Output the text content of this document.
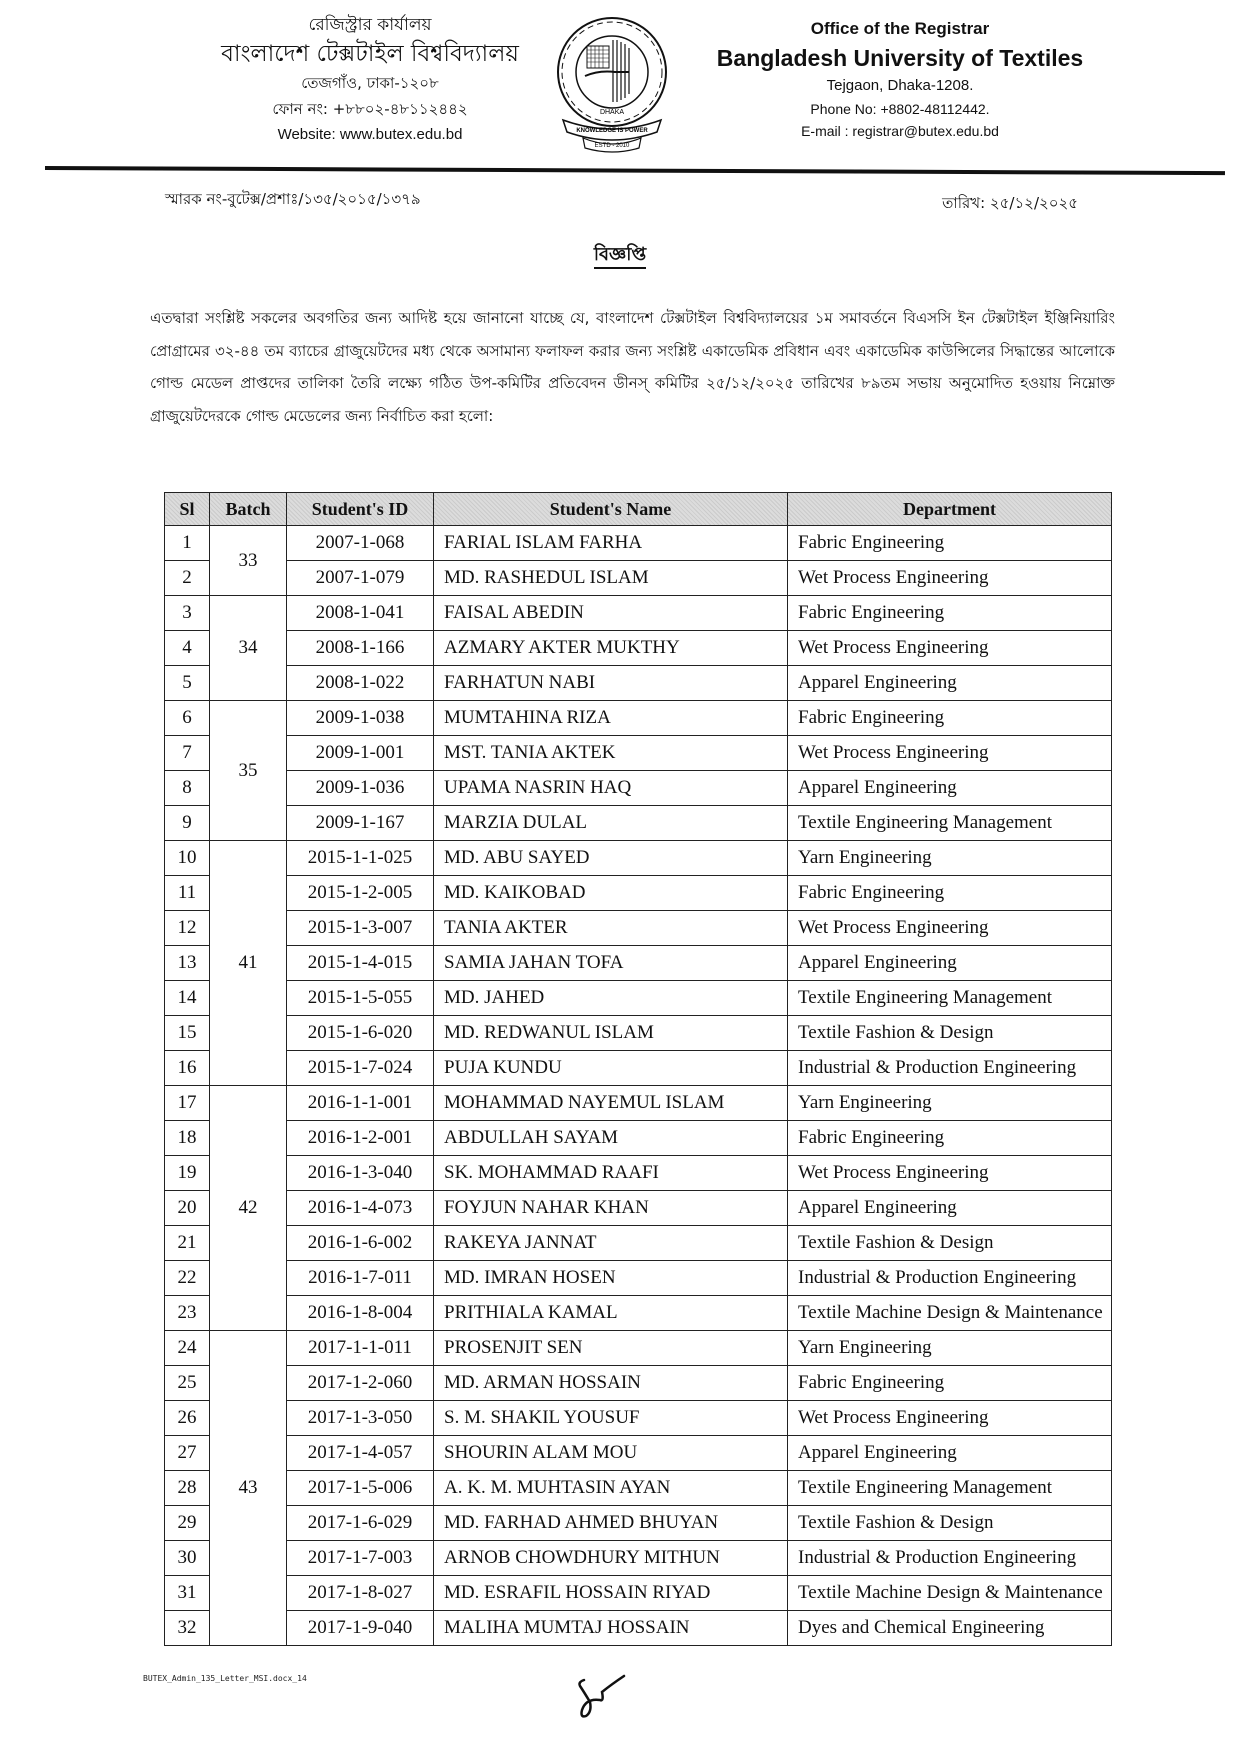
রেজিস্ট্রার কার্যালয়
বাংলাদেশ টেক্সটাইল বিশ্ববিদ্যালয়
তেজগাঁও, ঢাকা-১২০৮
ফোন নং: +৮৮০২-৪৮১১২৪৪২
Website: www.butex.edu.bd
DHAKA
KNOWLEDGE IS POWER
ESTD - 2010
Office of the Registrar
Bangladesh University of Textiles
Tejgaon, Dhaka-1208.
Phone No: +8802-48112442.
E-mail : registrar@butex.edu.bd
স্মারক নং-বুটেক্স/প্রশাঃ/১৩৫/২০১৫/১৩৭৯	তারিখ: ২৫/১২/২০২৫
বিজ্ঞপ্তি
এতদ্বারা সংশ্লিষ্ট সকলের অবগতির জন্য আদিষ্ট হয়ে জানানো যাচ্ছে যে, বাংলাদেশ টেক্সটাইল বিশ্ববিদ্যালয়ের ১ম সমাবর্তনে বিএসসি ইন টেক্সটাইল ইঞ্জিনিয়ারিং প্রোগ্রামের ৩২-৪৪ তম ব্যাচের গ্রাজুয়েটদের মধ্য থেকে অসামান্য ফলাফল করার জন্য সংশ্লিষ্ট একাডেমিক প্রবিধান এবং একাডেমিক কাউন্সিলের সিদ্ধান্তের আলোকে গোল্ড মেডেল প্রাপ্তদের তালিকা তৈরি লক্ষ্যে গঠিত উপ-কমিটির প্রতিবেদন ডীনস্ কমিটির ২৫/১২/২০২৫ তারিখের ৮৯তম সভায় অনুমোদিত হওয়ায় নিম্নোক্ত গ্রাজুয়েটদেরকে গোল্ড মেডেলের জন্য নির্বাচিত করা হলো:
Sl	Batch	Student's ID	Student's Name	Department
1	33	2007-1-068	FARIAL ISLAM FARHA	Fabric Engineering
2		2007-1-079	MD. RASHEDUL ISLAM	Wet Process Engineering
3	34	2008-1-041	FAISAL ABEDIN	Fabric Engineering
4		2008-1-166	AZMARY AKTER MUKTHY	Wet Process Engineering
5		2008-1-022	FARHATUN NABI	Apparel Engineering
6	35	2009-1-038	MUMTAHINA RIZA	Fabric Engineering
7		2009-1-001	MST. TANIA AKTEK	Wet Process Engineering
8		2009-1-036	UPAMA NASRIN HAQ	Apparel Engineering
9		2009-1-167	MARZIA DULAL	Textile Engineering Management
10	41	2015-1-1-025	MD. ABU SAYED	Yarn Engineering
11		2015-1-2-005	MD. KAIKOBAD	Fabric Engineering
12		2015-1-3-007	TANIA AKTER	Wet Process Engineering
13		2015-1-4-015	SAMIA JAHAN TOFA	Apparel Engineering
14		2015-1-5-055	MD. JAHED	Textile Engineering Management
15		2015-1-6-020	MD. REDWANUL ISLAM	Textile Fashion & Design
16		2015-1-7-024	PUJA KUNDU	Industrial & Production Engineering
17	42	2016-1-1-001	MOHAMMAD NAYEMUL ISLAM	Yarn Engineering
18		2016-1-2-001	ABDULLAH SAYAM	Fabric Engineering
19		2016-1-3-040	SK. MOHAMMAD RAAFI	Wet Process Engineering
20		2016-1-4-073	FOYJUN NAHAR KHAN	Apparel Engineering
21		2016-1-6-002	RAKEYA JANNAT	Textile Fashion & Design
22		2016-1-7-011	MD. IMRAN HOSEN	Industrial & Production Engineering
23		2016-1-8-004	PRITHIALA KAMAL	Textile Machine Design & Maintenance
24	43	2017-1-1-011	PROSENJIT SEN	Yarn Engineering
25		2017-1-2-060	MD. ARMAN HOSSAIN	Fabric Engineering
26		2017-1-3-050	S. M. SHAKIL YOUSUF	Wet Process Engineering
27		2017-1-4-057	SHOURIN ALAM MOU	Apparel Engineering
28		2017-1-5-006	A. K. M. MUHTASIN AYAN	Textile Engineering Management
29		2017-1-6-029	MD. FARHAD AHMED BHUYAN	Textile Fashion & Design
30		2017-1-7-003	ARNOB CHOWDHURY MITHUN	Industrial & Production Engineering
31		2017-1-8-027	MD. ESRAFIL HOSSAIN RIYAD	Textile Machine Design & Maintenance
32		2017-1-9-040	MALIHA MUMTAJ HOSSAIN	Dyes and Chemical Engineering
BUTEX_Admin_135_Letter_MSI.docx_14
